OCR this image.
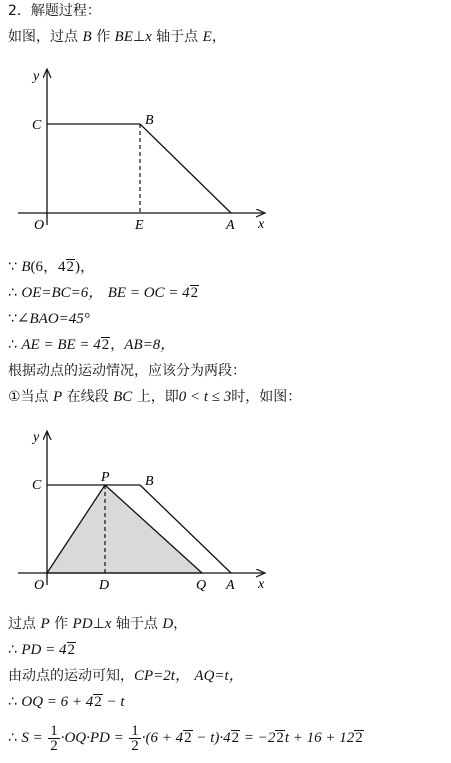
2．解题过程：
如图，过点 B 作 BE⊥x 轴于点 E，
y
C	B
O	E	A x
∵ B(6，42)，
∴ OE=BC=6， BE = OC = 42
∵∠BAO=45°
∴ AE = BE = 42，AB=8，
根据动点的运动情况，应该分为两段：
①当点 P 在线段 BC 上，即0 < t ≤ 3时，如图：
y
C
P	B
O	D	Q A x
过点 P 作 PD⊥x 轴于点 D，
∴ PD = 42
由动点的运动可知，CP=2t， AQ=t，
∴ OQ = 6 + 42 − t
∴ $S = \frac{1}{2} \cdot OQ\cdot PD = \frac{1}{2} \cdot(6 + 42 - t)\cdot 42 = -22t + 16 + 122$
